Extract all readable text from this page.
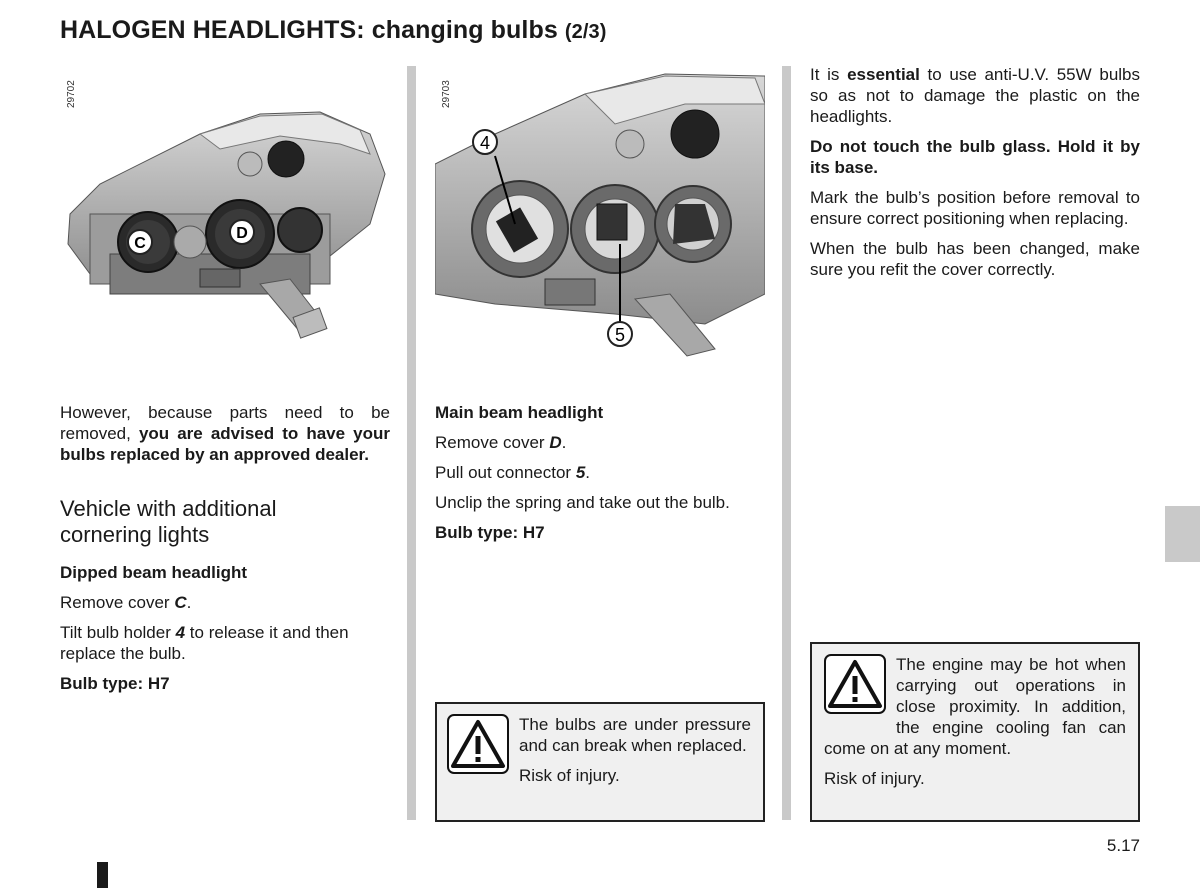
HALOGEN HEADLIGHTS: changing bulbs (2/3)
29702
C
D
29703
4
5

However, because parts need to be removed, you are advised to have your bulbs replaced by an approved dealer.

Vehicle with additional
cornering lights

Dipped beam headlight

Remove cover C.

Tilt bulb holder 4 to release it and then replace the bulb.

Bulb type: H7

Main beam headlight

Remove cover D.

Pull out connector 5.

Unclip the spring and take out the bulb.

Bulb type: H7

The bulbs are under pressure and can break when replaced.

Risk of injury.

It is essential to use anti-U.V. 55W bulbs so as not to damage the plastic on the headlights.

Do not touch the bulb glass. Hold it by its base.

Mark the bulb’s position before removal to ensure correct positioning when replacing.

When the bulb has been changed, make sure you refit the cover correctly.

The engine may be hot when carrying out operations in close proximity. In addition, the engine cooling fan can come on at any moment.

Risk of injury.

5.17
